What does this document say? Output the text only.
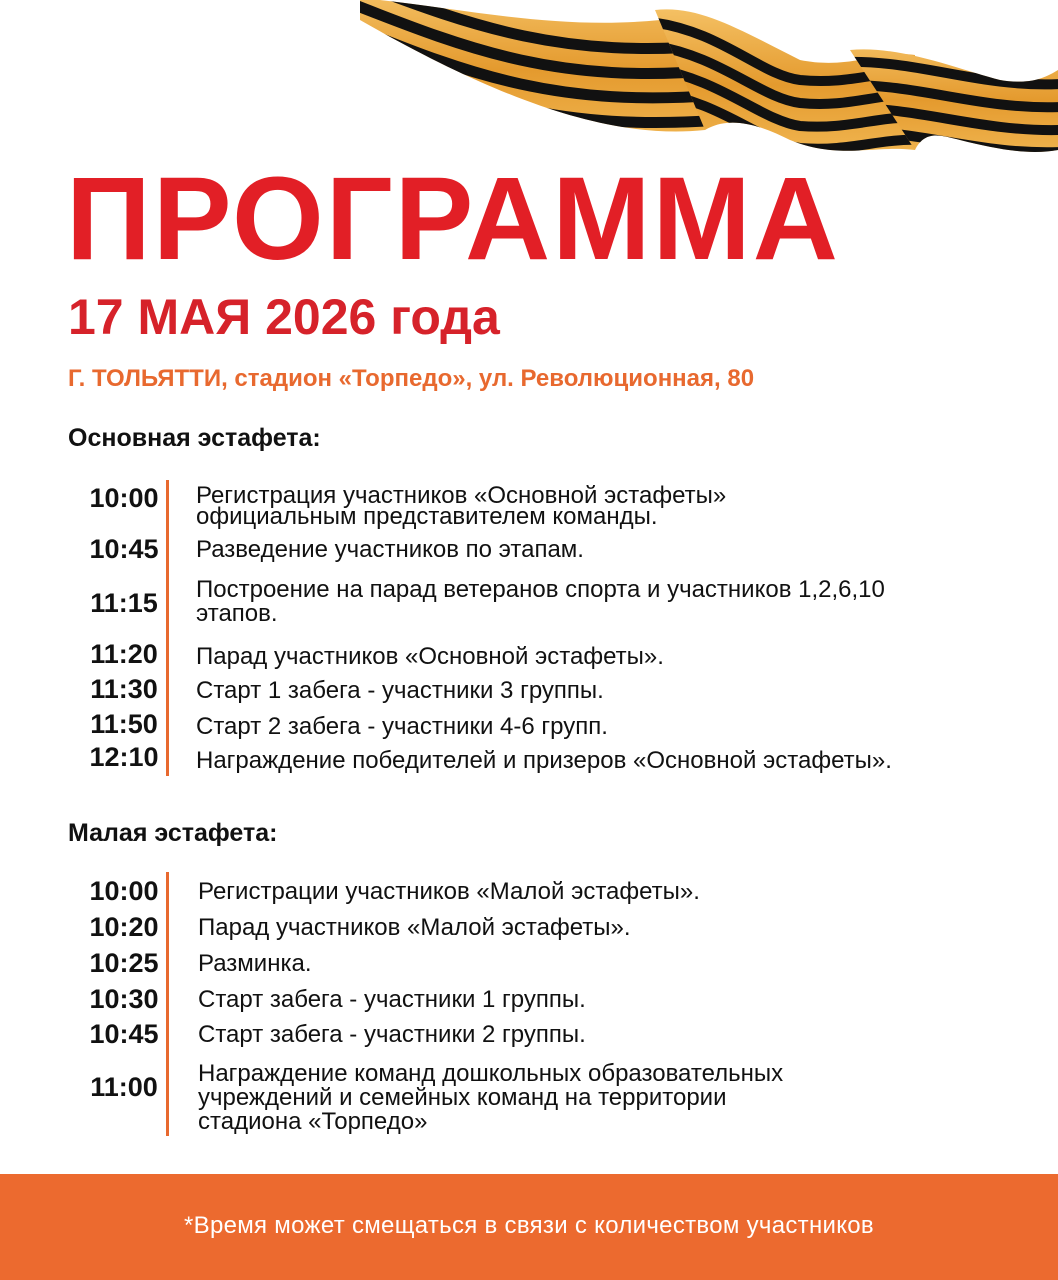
ПРОГРАММА
17 МАЯ 2026 года
Г. ТОЛЬЯТТИ, стадион «Торпедо», ул. Революционная, 80
Основная эстафета:
10:00	Регистрация участников «Основной эстафеты»
официальным представителем команды.
10:45	Разведение участников по этапам.
11:15	Построение на парад ветеранов спорта и участников 1,2,6,10
этапов.
11:20	Парад участников «Основной эстафеты».
11:30	Старт 1 забега - участники 3 группы.
11:50	Старт 2 забега - участники 4-6 групп.
12:10	Награждение победителей и призеров «Основной эстафеты».
Малая эстафета:
10:00	Регистрации участников «Малой эстафеты».
10:20	Парад участников «Малой эстафеты».
10:25	Разминка.
10:30	Старт забега - участники 1 группы.
10:45	Старт забега - участники 2 группы.
11:00	Награждение команд дошкольных образовательных
учреждений и семейных команд на территории
стадиона «Торпедо»
*Время может смещаться в связи с количеством участников
